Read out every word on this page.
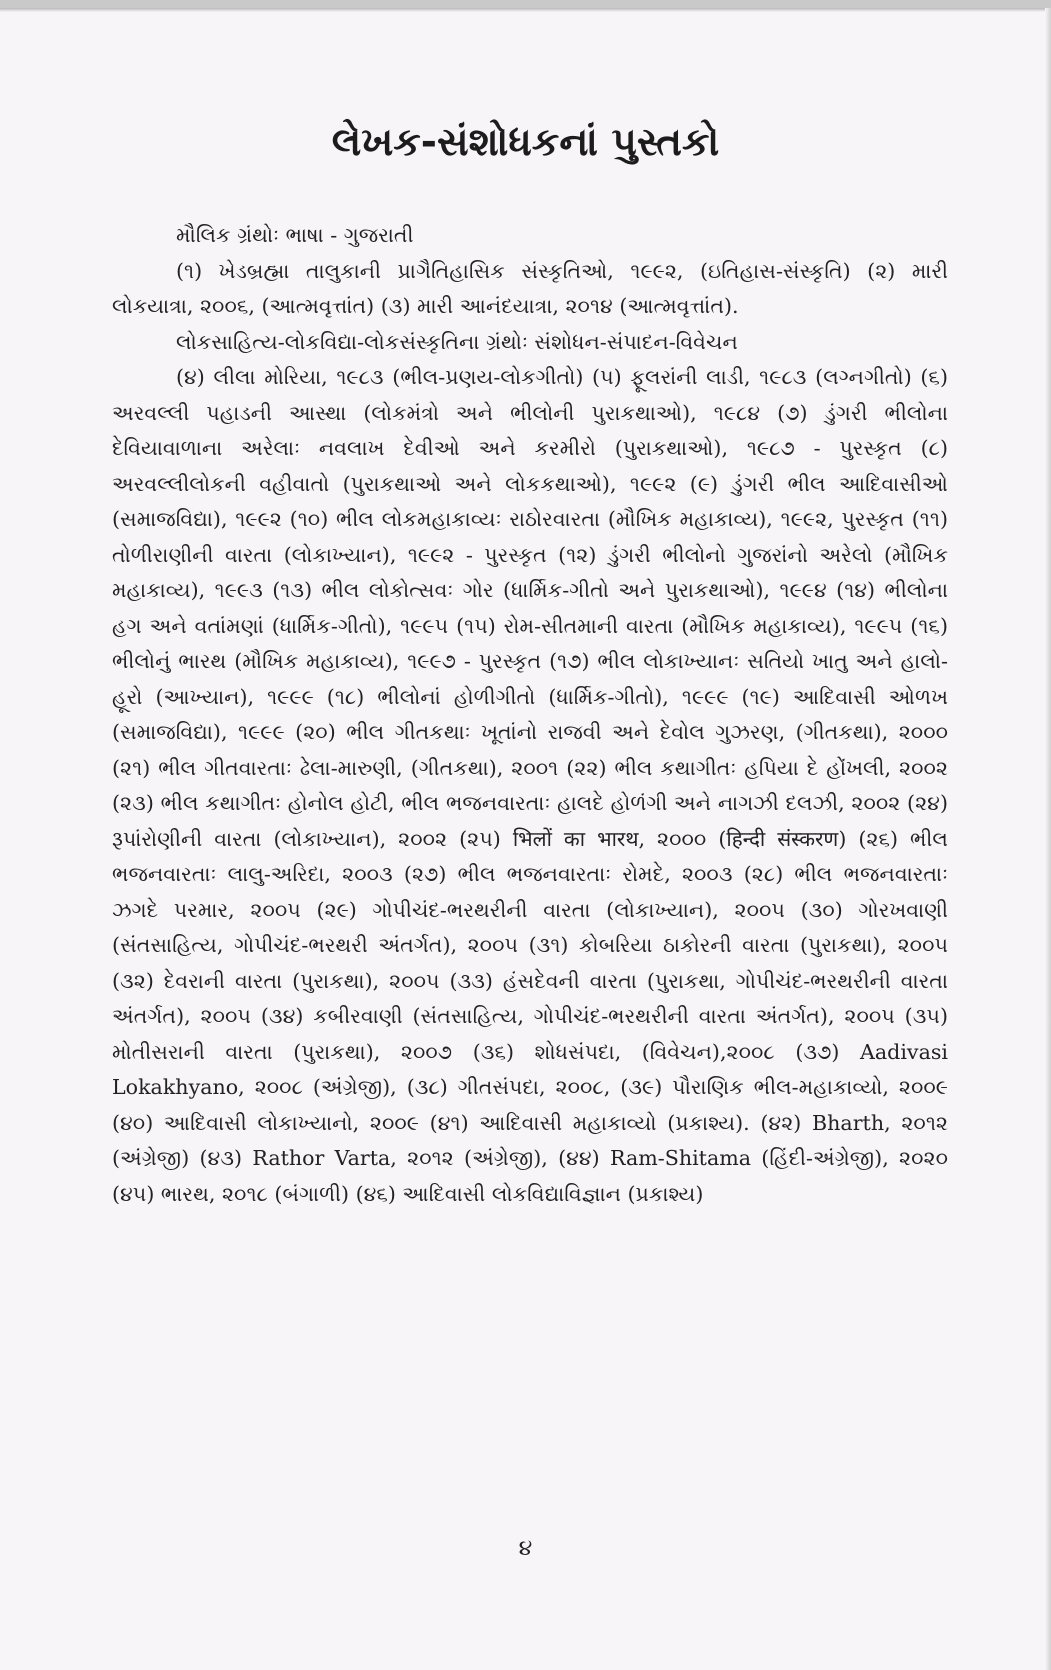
લેખક-સંશોધકનાં પુસ્તકો

મૌલિક ગ્રંથોઃ ભાષા - ગુજરાતી

(૧) ખેડબ્રહ્મા તાલુકાની પ્રાગૈતિહાસિક સંસ્કૃતિઓ, ૧૯૯૨, (ઇતિહાસ-સંસ્કૃતિ) (૨) મારી લોકયાત્રા, ૨૦૦૬, (આત્મવૃત્તાંત) (૩) મારી આનંદયાત્રા, ૨૦૧૪ (આત્મવૃત્તાંત).

લોકસાહિત્ય-લોકવિદ્યા-લોકસંસ્કૃતિના ગ્રંથોઃ સંશોધન-સંપાદન-વિવેચન

(૪) લીલા મોરિયા, ૧૯૮૩ (ભીલ-પ્રણય-લોકગીતો) (૫) ફૂલરાંની લાડી, ૧૯૮૩ (લગ્નગીતો) (૬) અરવલ્લી પહાડની આસ્થા (લોકમંત્રો અને ભીલોની પુરાકથાઓ), ૧૯૮૪ (૭) ડુંગરી ભીલોના દેવિયાવાળાના અરેલાઃ નવલાખ દેવીઓ અને કરમીરો (પુરાકથાઓ), ૧૯૮૭ - પુરસ્કૃત (૮) અરવલ્લીલોકની વહીવાતો (પુરાકથાઓ અને લોકકથાઓ), ૧૯૯૨ (૯) ડુંગરી ભીલ આદિવાસીઓ (સમાજવિદ્યા), ૧૯૯૨ (૧૦) ભીલ લોકમહાકાવ્યઃ રાઠોરવારતા (મૌખિક મહાકાવ્ય), ૧૯૯૨, પુરસ્કૃત (૧૧) તોળીરાણીની વારતા (લોકાખ્યાન), ૧૯૯૨ - પુરસ્કૃત (૧૨) ડુંગરી ભીલોનો ગુજરાંનો અરેલો (મૌખિક મહાકાવ્ય), ૧૯૯૩ (૧૩) ભીલ લોકોત્સવઃ ગોર (ધાર્મિક-ગીતો અને પુરાકથાઓ), ૧૯૯૪ (૧૪) ભીલોના હગ અને વતાંમણાં (ધાર્મિક-ગીતો), ૧૯૯૫ (૧૫) રોમ-સીતમાની વારતા (મૌખિક મહાકાવ્ય), ૧૯૯૫ (૧૬) ભીલોનું ભારથ (મૌખિક મહાકાવ્ય), ૧૯૯૭ - પુરસ્કૃત (૧૭) ભીલ લોકાખ્યાનઃ સતિયો ખાતુ અને હાલો-હૂરો (આખ્યાન), ૧૯૯૯ (૧૮) ભીલોનાં હોળીગીતો (ધાર્મિક-ગીતો), ૧૯૯૯ (૧૯) આદિવાસી ઓળખ (સમાજવિદ્યા), ૧૯૯૯ (૨૦) ભીલ ગીતકથાઃ ખૂતાંનો રાજવી અને દેવોલ ગુઝરણ, (ગીતકથા), ૨૦૦૦ (૨૧) ભીલ ગીતવારતાઃ ઢેલા-મારુણી, (ગીતકથા), ૨૦૦૧ (૨૨) ભીલ કથાગીતઃ હપિયા દે હોંખલી, ૨૦૦૨ (૨૩) ભીલ કથાગીતઃ હોનોલ હોટી, ભીલ ભજનવારતાઃ હાલદે હોળંગી અને નાગઝી દલઝી, ૨૦૦૨ (૨૪) રૂપાંરોણીની વારતા (લોકાખ્યાન), ૨૦૦૨ (૨૫) भिलों का भारथ, ૨૦૦૦ (हिन्दी संस्करण) (૨૬) ભીલ ભજનવારતાઃ લાલુ-અરિદા, ૨૦૦૩ (૨૭) ભીલ ભજનવારતાઃ રોમદે, ૨૦૦૩ (૨૮) ભીલ ભજનવારતાઃ ઝગદે પરમાર, ૨૦૦૫ (૨૯) ગોપીચંદ-ભરથરીની વારતા (લોકાખ્યાન), ૨૦૦૫ (૩૦) ગોરખવાણી (સંતસાહિત્ય, ગોપીચંદ-ભરથરી અંતર્ગત), ૨૦૦૫ (૩૧) કોબરિયા ઠાકોરની વારતા (પુરાકથા), ૨૦૦૫ (૩૨) દેવરાની વારતા (પુરાકથા), ૨૦૦૫ (૩૩) હંસદેવની વારતા (પુરાકથા, ગોપીચંદ-ભરથરીની વારતા અંતર્ગત), ૨૦૦૫ (૩૪) કબીરવાણી (સંતસાહિત્ય, ગોપીચંદ-ભરથરીની વારતા અંતર્ગત), ૨૦૦૫ (૩૫) મોતીસરાની વારતા (પુરાકથા), ૨૦૦૭ (૩૬) શોધસંપદા, (વિવેચન),૨૦૦૮ (૩૭) Aadivasi Lokakhyano, ૨૦૦૮ (અંગ્રેજી), (૩૮) ગીતસંપદા, ૨૦૦૮, (૩૯) પૌરાણિક ભીલ-મહાકાવ્યો, ૨૦૦૯ (૪૦) આદિવાસી લોકાખ્યાનો, ૨૦૦૯ (૪૧) આદિવાસી મહાકાવ્યો (પ્રકાશ્ય). (૪૨) Bharth, ૨૦૧૨ (અંગ્રેજી) (૪૩) Rathor Varta, ૨૦૧૨ (અંગ્રેજી), (૪૪) Ram-Shitama (હિંદી-અંગ્રેજી), ૨૦૨૦ (૪૫) ભારથ, ૨૦૧૮ (બંગાળી) (૪૬) આદિવાસી લોકવિદ્યાવિજ્ઞાન (પ્રકાશ્ય)

૪
